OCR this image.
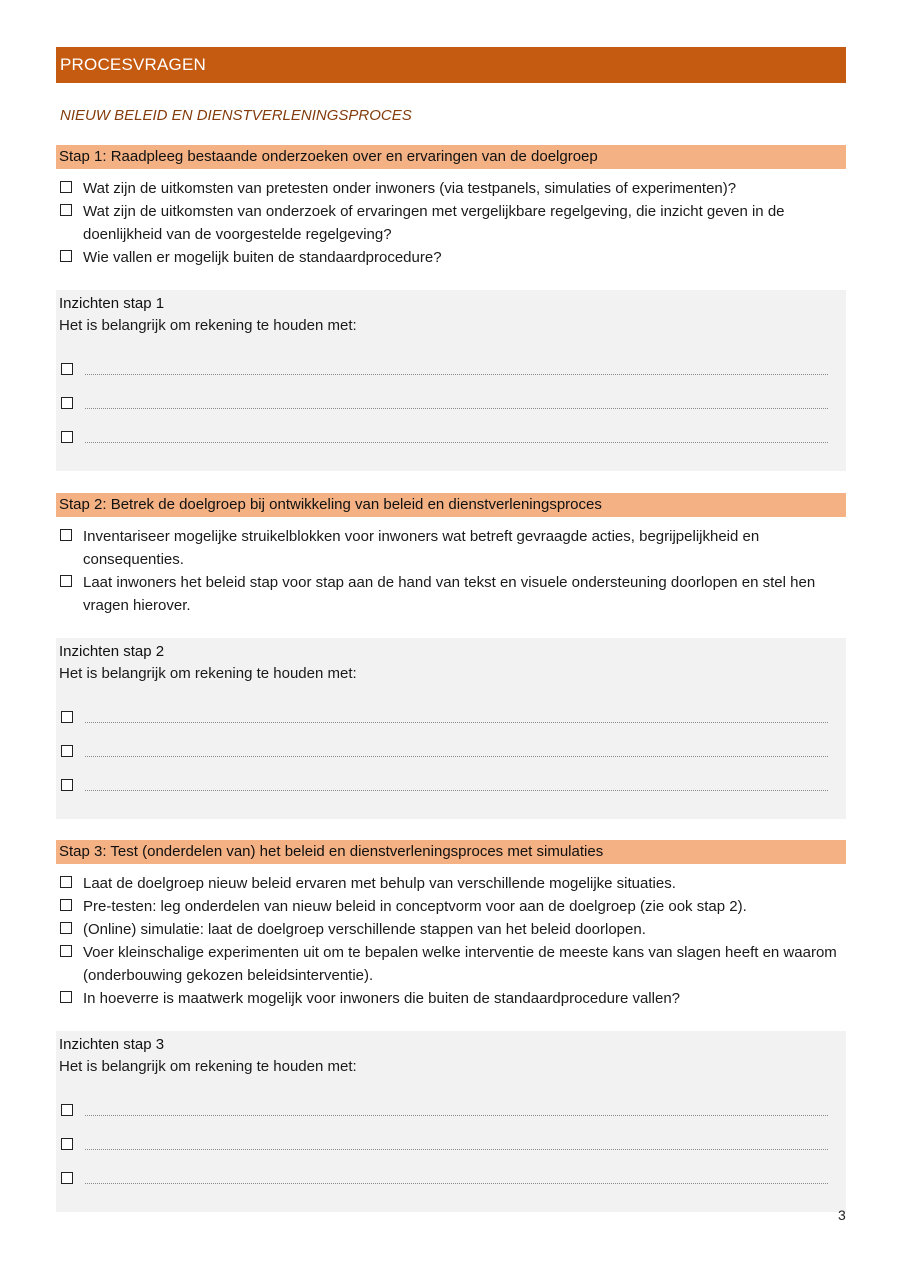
PROCESVRAGEN
NIEUW BELEID EN DIENSTVERLENINGSPROCES
Stap 1: Raadpleeg bestaande onderzoeken over en ervaringen van de doelgroep
Wat zijn de uitkomsten van pretesten onder inwoners (via testpanels, simulaties of experimenten)?
Wat zijn de uitkomsten van onderzoek of ervaringen met vergelijkbare regelgeving, die inzicht geven in de doenlijkheid van de voorgestelde regelgeving?
Wie vallen er mogelijk buiten de standaardprocedure?
Inzichten stap 1
Het is belangrijk om rekening te houden met:
Stap 2: Betrek de doelgroep bij ontwikkeling van beleid en dienstverleningsproces
Inventariseer mogelijke struikelblokken voor inwoners wat betreft gevraagde acties, begrijpelijkheid en consequenties.
Laat inwoners het beleid stap voor stap aan de hand van tekst en visuele ondersteuning doorlopen en stel hen vragen hierover.
Inzichten stap 2
Het is belangrijk om rekening te houden met:
Stap 3: Test (onderdelen van) het beleid en dienstverleningsproces met simulaties
Laat de doelgroep nieuw beleid ervaren met behulp van verschillende mogelijke situaties.
Pre-testen: leg onderdelen van nieuw beleid in conceptvorm voor aan de doelgroep (zie ook stap 2).
(Online) simulatie: laat de doelgroep verschillende stappen van het beleid doorlopen.
Voer kleinschalige experimenten uit om te bepalen welke interventie de meeste kans van slagen heeft en waarom (onderbouwing gekozen beleidsinterventie).
In hoeverre is maatwerk mogelijk voor inwoners die buiten de standaardprocedure vallen?
Inzichten stap 3
Het is belangrijk om rekening te houden met:
3
